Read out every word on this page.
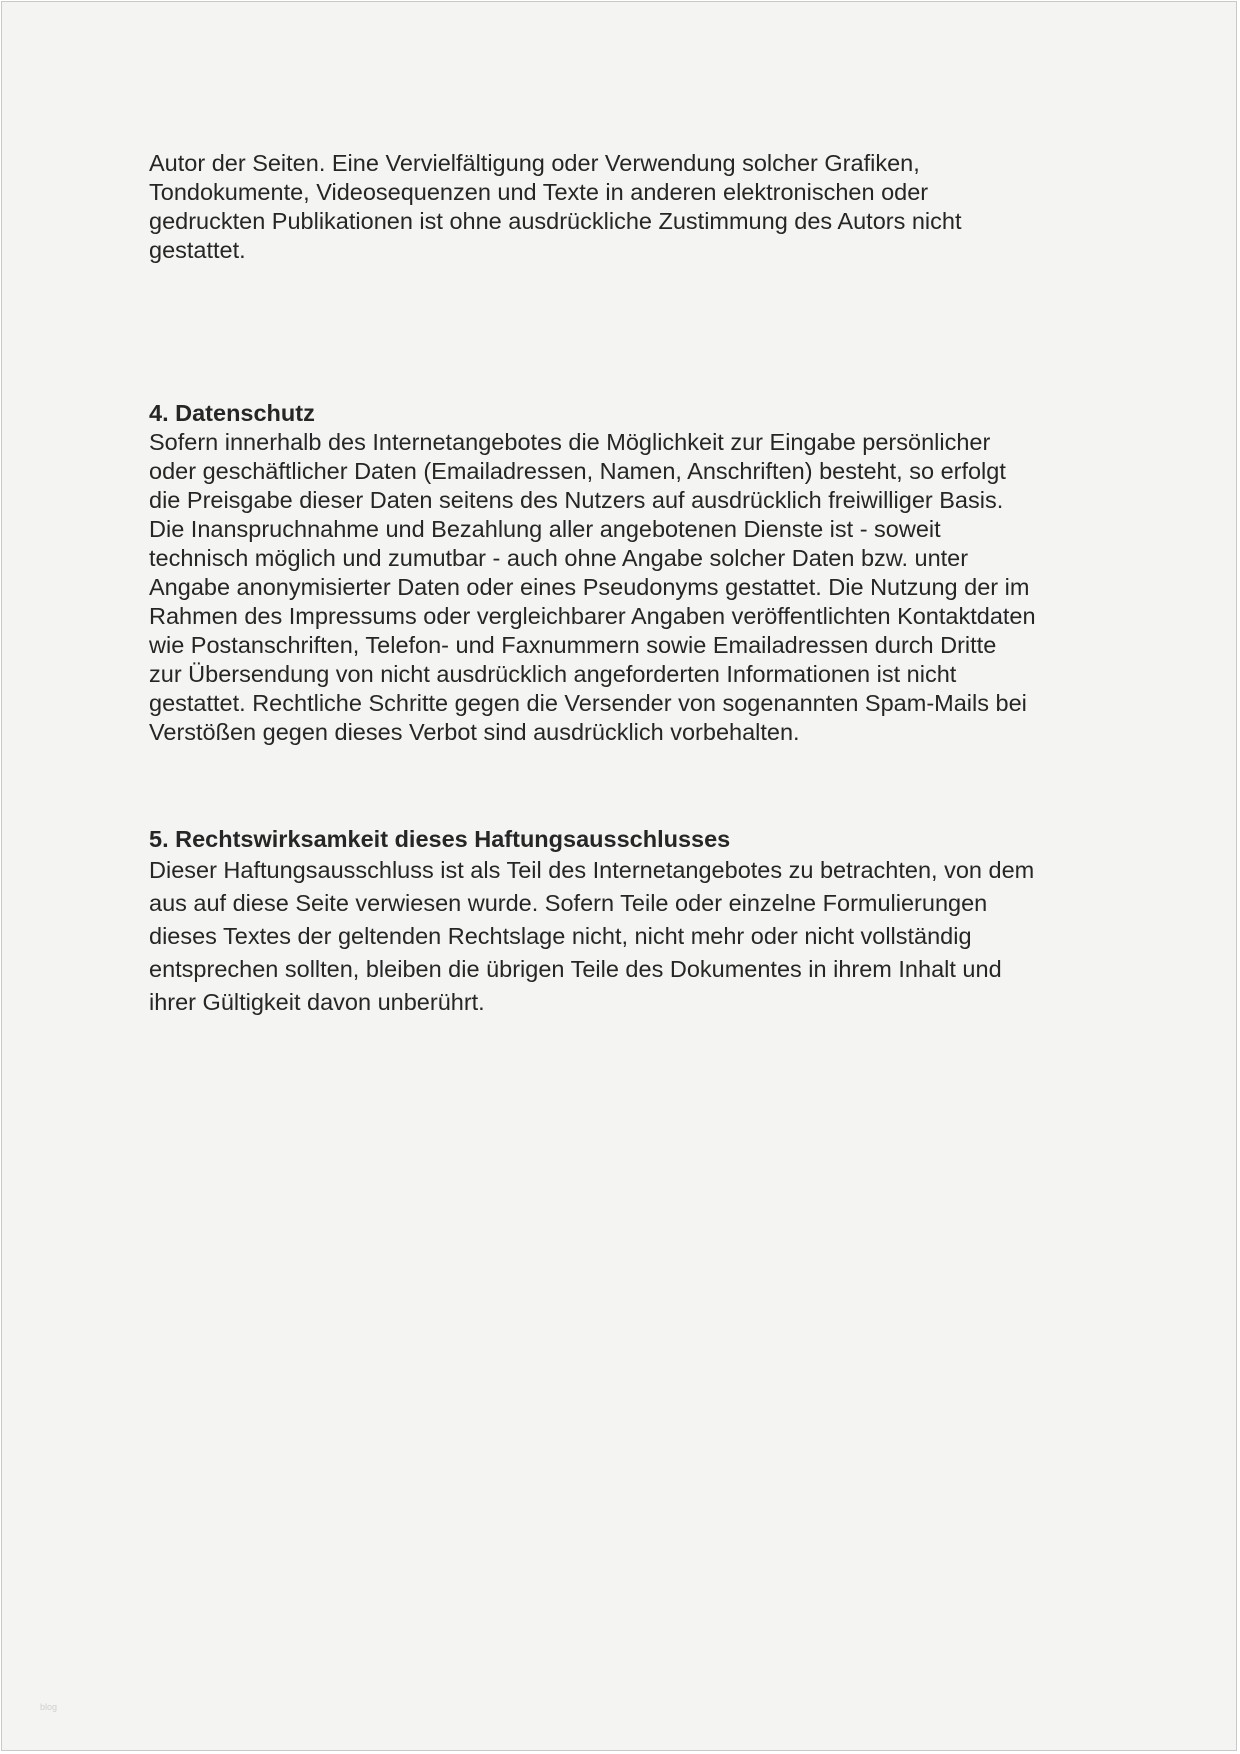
Autor der Seiten. Eine Vervielfältigung oder Verwendung solcher Grafiken,

Tondokumente, Videosequenzen und Texte in anderen elektronischen oder

gedruckten Publikationen ist ohne ausdrückliche Zustimmung des Autors nicht

gestattet.

4. Datenschutz

Sofern innerhalb des Internetangebotes die Möglichkeit zur Eingabe persönlicher

oder geschäftlicher Daten (Emailadressen, Namen, Anschriften) besteht, so erfolgt

die Preisgabe dieser Daten seitens des Nutzers auf ausdrücklich freiwilliger Basis.

Die Inanspruchnahme und Bezahlung aller angebotenen Dienste ist - soweit

technisch möglich und zumutbar - auch ohne Angabe solcher Daten bzw. unter

Angabe anonymisierter Daten oder eines Pseudonyms gestattet. Die Nutzung der im

Rahmen des Impressums oder vergleichbarer Angaben veröffentlichten Kontaktdaten

wie Postanschriften, Telefon- und Faxnummern sowie Emailadressen durch Dritte

zur Übersendung von nicht ausdrücklich angeforderten Informationen ist nicht

gestattet. Rechtliche Schritte gegen die Versender von sogenannten Spam-Mails bei

Verstößen gegen dieses Verbot sind ausdrücklich vorbehalten.

5. Rechtswirksamkeit dieses Haftungsausschlusses

Dieser Haftungsausschluss ist als Teil des Internetangebotes zu betrachten, von dem

aus auf diese Seite verwiesen wurde. Sofern Teile oder einzelne Formulierungen

dieses Textes der geltenden Rechtslage nicht, nicht mehr oder nicht vollständig

entsprechen sollten, bleiben die übrigen Teile des Dokumentes in ihrem Inhalt und

ihrer Gültigkeit davon unberührt.

blog
